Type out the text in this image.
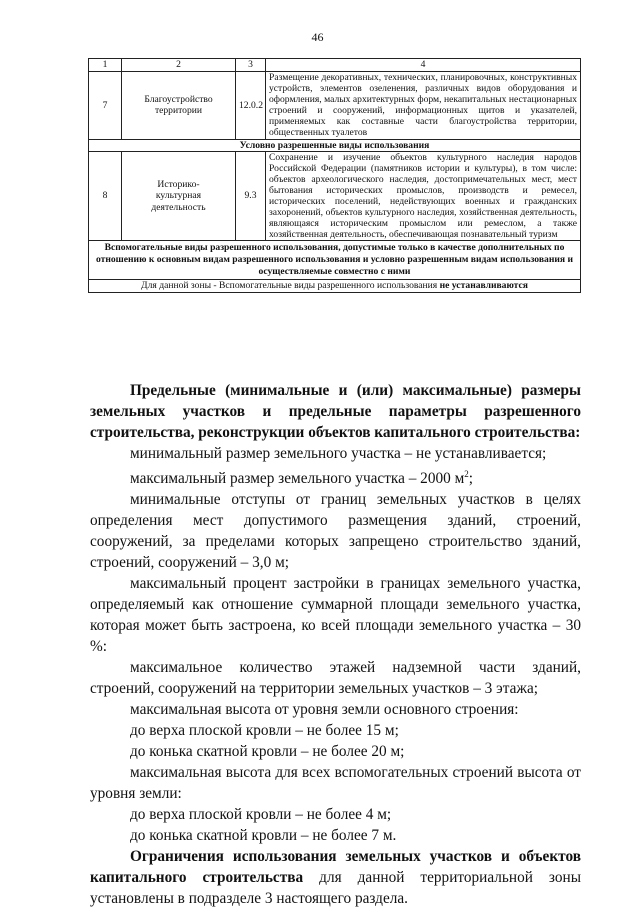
46
1	2	3	4
7	Благоустройство территории	12.0.2	Размещение декоративных, технических, планировочных, конструктивных устройств, элементов озеленения, различных видов оборудования и оформления, малых архитектурных форм, некапитальных нестационарных строений и сооружений, информационных щитов и указателей, применяемых как составные части благоустройства территории, общественных туалетов
Условно разрешенные виды использования			
8	Историко-культурная деятельность	9.3	Сохранение и изучение объектов культурного наследия народов Российской Федерации (памятников истории и культуры), в том числе: объектов археологического наследия, достопримечательных мест, мест бытования исторических промыслов, производств и ремесел, исторических поселений, недействующих военных и гражданских захоронений, объектов культурного наследия, хозяйственная деятельность, являющаяся историческим промыслом или ремеслом, а также хозяйственная деятельность, обеспечивающая познавательный туризм
Вспомогательные виды разрешенного использования, допустимые только в качестве дополнительных по отношению к основным видам разрешенного использования и условно разрешенным видам использования и осуществляемые совместно с ними			
Для данной зоны - Вспомогательные виды разрешенного использования не устанавливаются			

Предельные (минимальные и (или) максимальные) размеры земельных участков и предельные параметры разрешенного строительства, реконструкции объектов капитального строительства:

минимальный размер земельного участка – не устанавливается;

максимальный размер земельного участка – 2000 $м^2$;

минимальные отступы от границ земельных участков в целях определения мест допустимого размещения зданий, строений, сооружений, за пределами которых запрещено строительство зданий, строений, сооружений – 3,0 м;

максимальный процент застройки в границах земельного участка, определяемый как отношение суммарной площади земельного участка, которая может быть застроена, ко всей площади земельного участка – 30 %:

максимальное количество этажей надземной части зданий, строений, сооружений на территории земельных участков – 3 этажа;

максимальная высота от уровня земли основного строения:

до верха плоской кровли – не более 15 м;

до конька скатной кровли – не более 20 м;

максимальная высота для всех вспомогательных строений высота от уровня земли:

до верха плоской кровли – не более 4 м;

до конька скатной кровли – не более 7 м.

Ограничения использования земельных участков и объектов капитального строительства для данной территориальной зоны установлены в подразделе 3 настоящего раздела.
